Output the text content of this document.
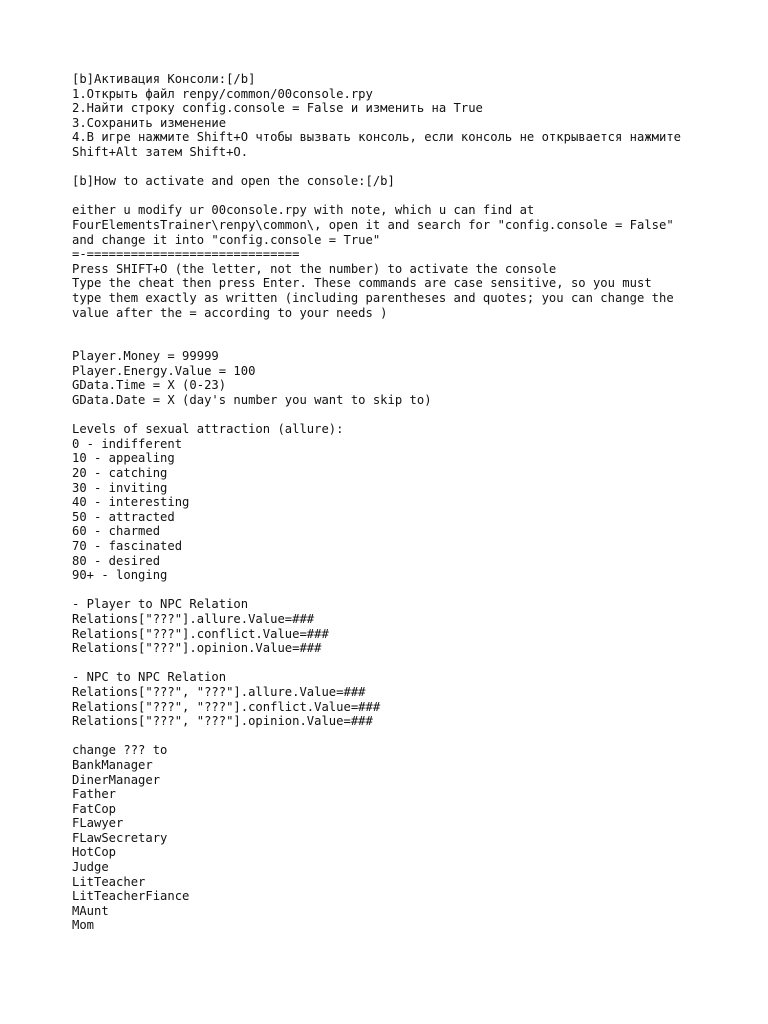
[b]Активация Консоли:[/b]
1.Открыть файл renpy/common/00console.rpy
2.Найти строку config.console = False и изменить на True
3.Сохранить изменение
4.В игре нажмите Shift+O чтобы вызвать консоль, если консоль не открывается нажмите
Shift+Alt затем Shift+O.
[b]How to activate and open the console:[/b]
either u modify ur 00console.rpy with note, which u can find at
FourElementsTrainer\renpy\common\, open it and search for "config.console = False"
and change it into "config.console = True"
=-=============================
Press SHIFT+O (the letter, not the number) to activate the console
Type the cheat then press Enter. These commands are case sensitive, so you must
type them exactly as written (including parentheses and quotes; you can change the
value after the = according to your needs )
Player.Money = 99999
Player.Energy.Value = 100
GData.Time = X (0-23)
GData.Date = X (day's number you want to skip to)
Levels of sexual attraction (allure):
0 - indifferent
10 - appealing
20 - catching
30 - inviting
40 - interesting
50 - attracted
60 - charmed
70 - fascinated
80 - desired
90+ - longing
- Player to NPC Relation
Relations["???"].allure.Value=###
Relations["???"].conflict.Value=###
Relations["???"].opinion.Value=###
- NPC to NPC Relation
Relations["???", "???"].allure.Value=###
Relations["???", "???"].conflict.Value=###
Relations["???", "???"].opinion.Value=###
change ??? to
BankManager
DinerManager
Father
FatCop
FLawyer
FLawSecretary
HotCop
Judge
LitTeacher
LitTeacherFiance
MAunt
Mom
